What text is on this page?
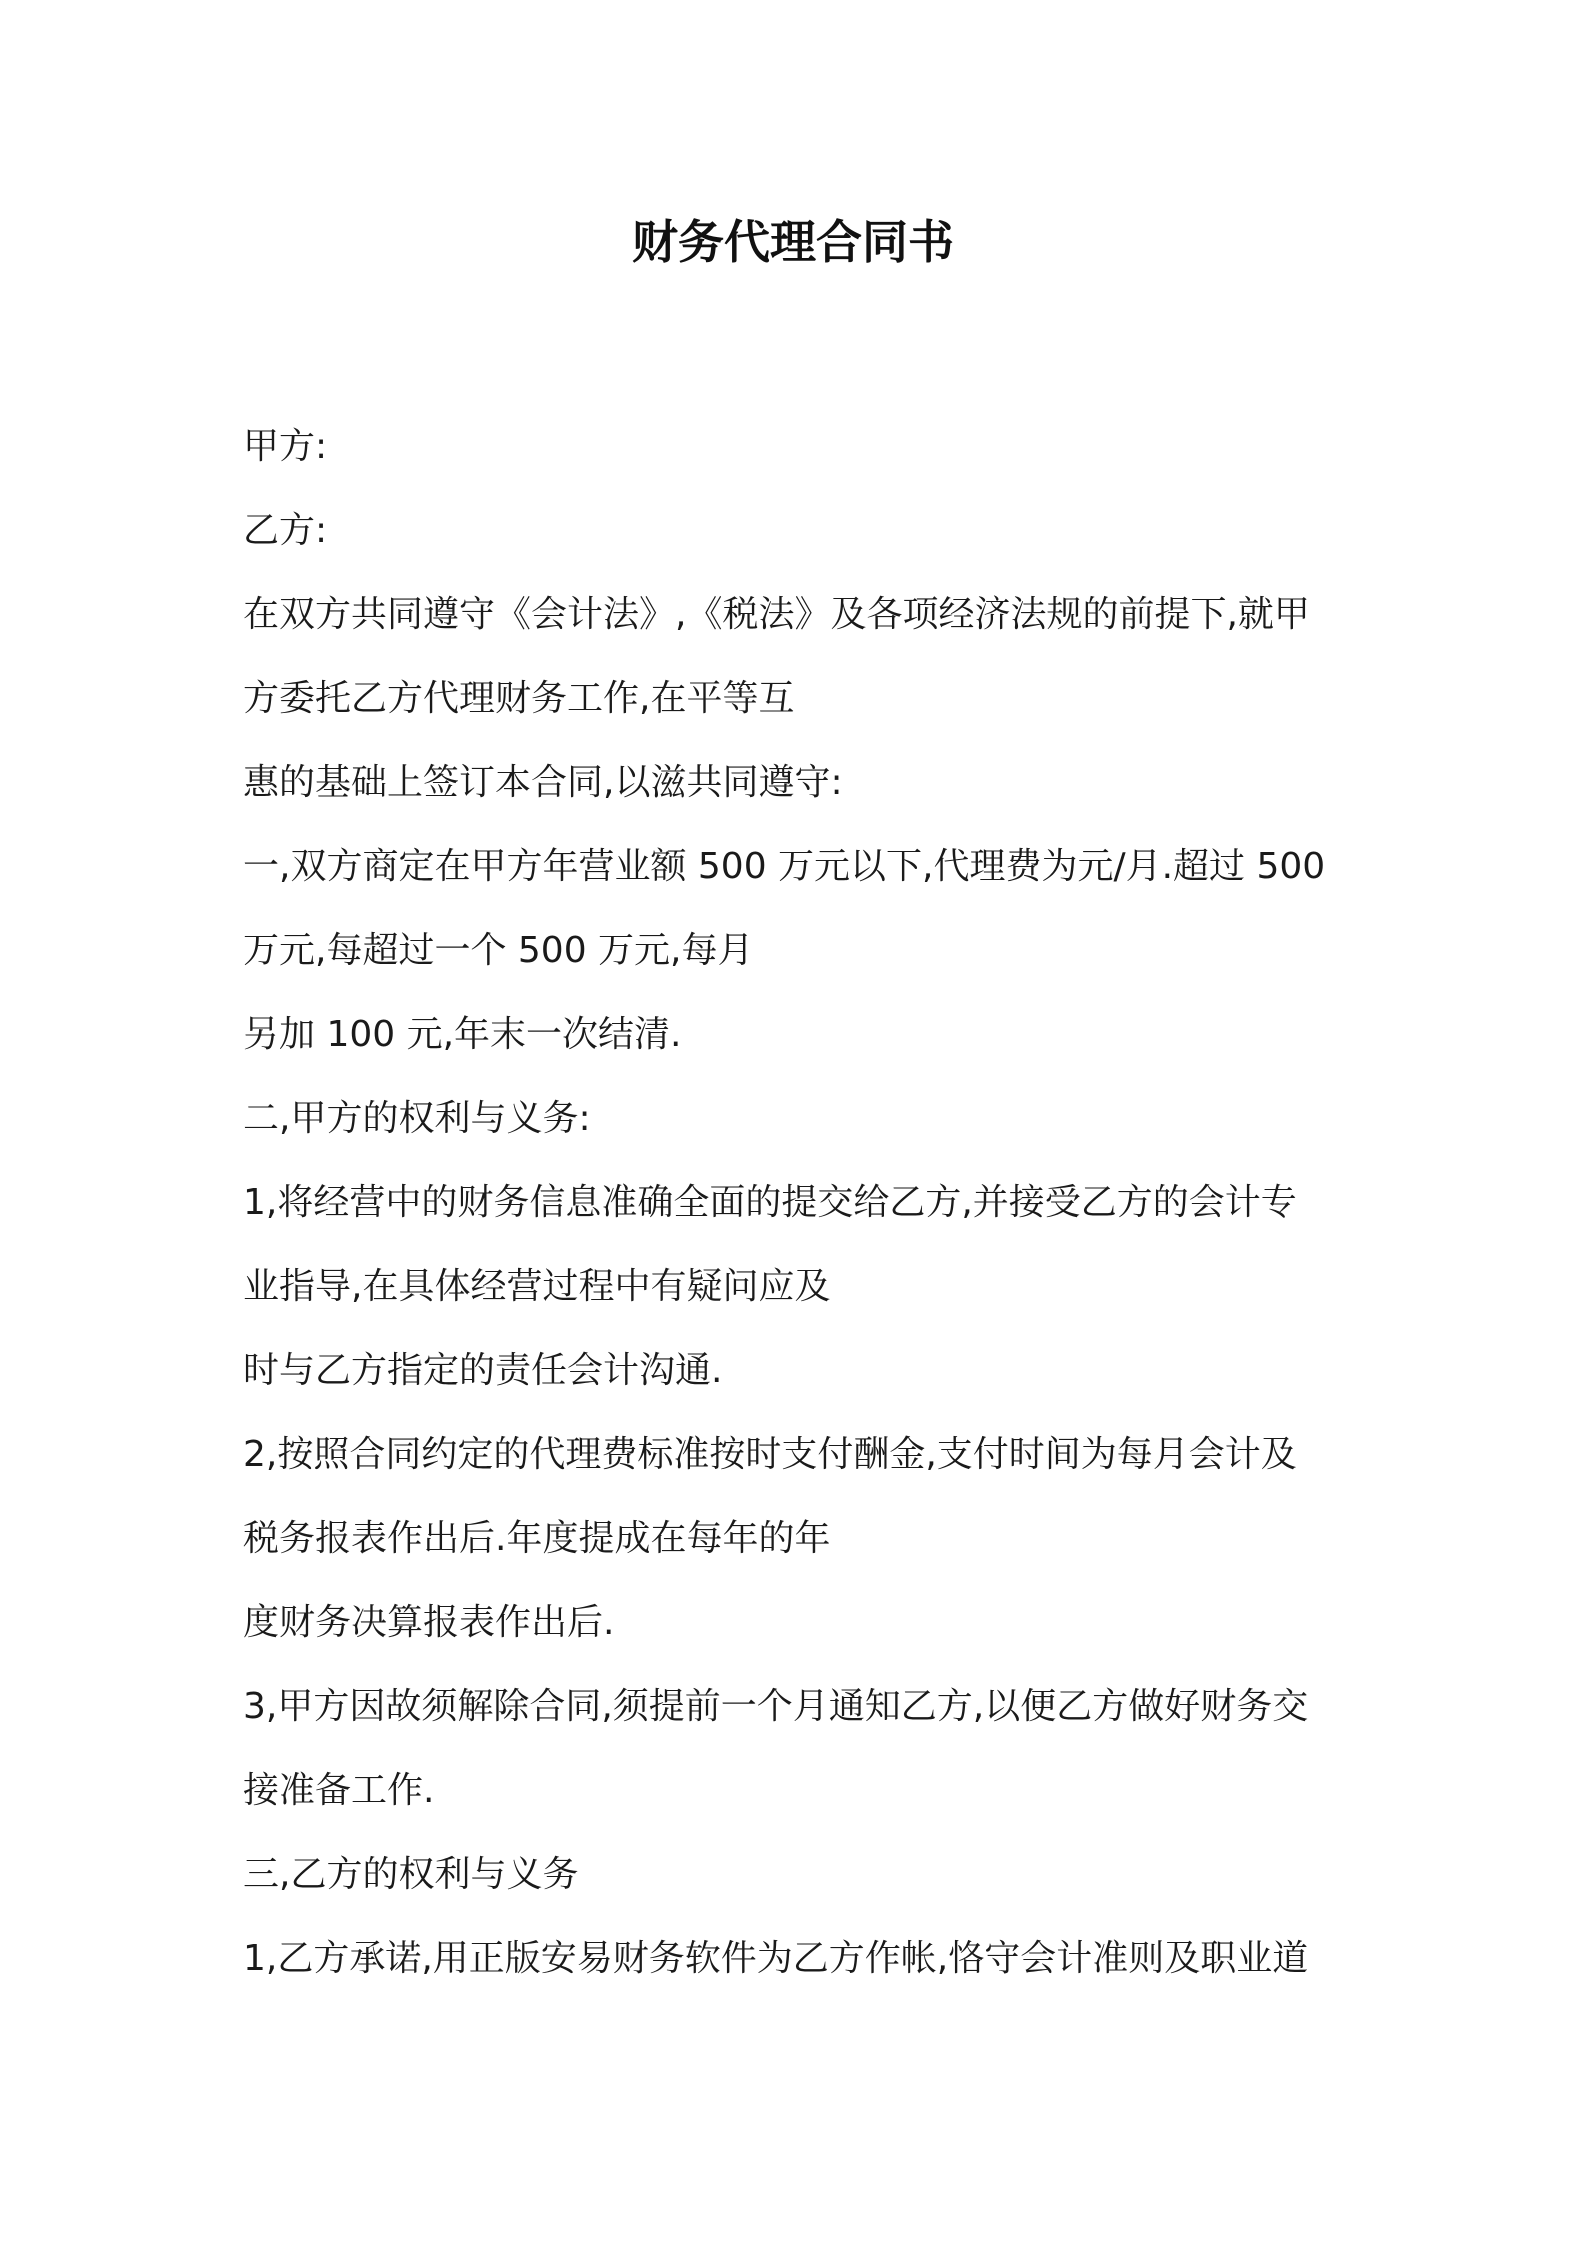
财务代理合同书
甲方:
乙方:
在双方共同遵守《会计法》,《税法》及各项经济法规的前提下,就甲
方委托乙方代理财务工作,在平等互
惠的基础上签订本合同,以滋共同遵守:
一,双方商定在甲方年营业额 500 万元以下,代理费为元/月.超过 500
万元,每超过一个 500 万元,每月
另加 100 元,年末一次结清.
二,甲方的权利与义务:
1,将经营中的财务信息准确全面的提交给乙方,并接受乙方的会计专
业指导,在具体经营过程中有疑问应及
时与乙方指定的责任会计沟通.
2,按照合同约定的代理费标准按时支付酬金,支付时间为每月会计及
税务报表作出后.年度提成在每年的年
度财务决算报表作出后.
3,甲方因故须解除合同,须提前一个月通知乙方,以便乙方做好财务交
接准备工作.
三,乙方的权利与义务
1,乙方承诺,用正版安易财务软件为乙方作帐,恪守会计准则及职业道
